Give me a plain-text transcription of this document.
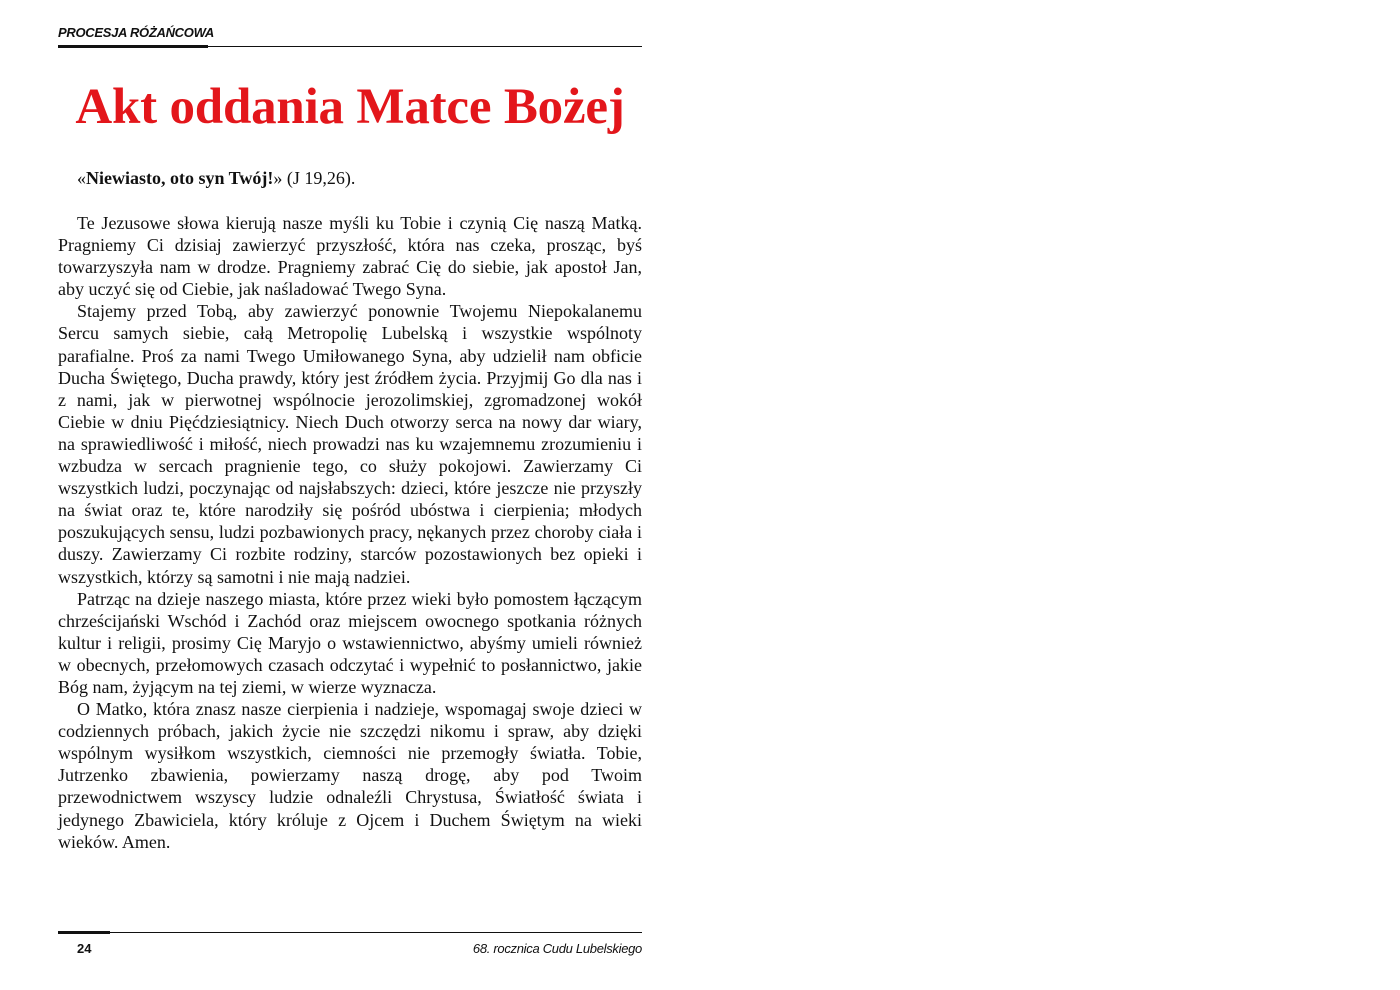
PROCESJA RÓŻAŃCOWA
Akt oddania Matce Bożej
«Niewiasto, oto syn Twój!» (J 19,26).

Te Jezusowe słowa kierują nasze myśli ku Tobie i czynią Cię naszą Matką. Pragniemy Ci dzisiaj zawierzyć przyszłość, która nas czeka, prosząc, byś towarzyszyła nam w drodze. Pragniemy zabrać Cię do siebie, jak apostoł Jan, aby uczyć się od Ciebie, jak naśladować Twego Syna.

Stajemy przed Tobą, aby zawierzyć ponownie Twojemu Niepokalanemu Sercu samych siebie, całą Metropolię Lubelską i wszystkie wspólnoty parafialne. Proś za nami Twego Umiłowanego Syna, aby udzielił nam obficie Ducha Świętego, Ducha prawdy, który jest źródłem życia. Przyjmij Go dla nas i z nami, jak w pierwotnej wspólnocie jerozolimskiej, zgromadzonej wokół Ciebie w dniu Pięćdziesiątnicy. Niech Duch otworzy serca na nowy dar wiary, na sprawiedliwość i miłość, niech prowadzi nas ku wzajemnemu zrozumieniu i wzbudza w sercach pragnienie tego, co służy pokojowi. Zawierzamy Ci wszystkich ludzi, poczynając od najsłabszych: dzieci, które jeszcze nie przyszły na świat oraz te, które narodziły się pośród ubóstwa i cierpienia; młodych poszukujących sensu, ludzi pozbawionych pracy, nękanych przez choroby ciała i duszy. Zawierzamy Ci rozbite rodziny, starców pozostawionych bez opieki i wszystkich, którzy są samotni i nie mają nadziei.

Patrząc na dzieje naszego miasta, które przez wieki było pomostem łączącym chrześcijański Wschód i Zachód oraz miejscem owocnego spotkania różnych kultur i religii, prosimy Cię Maryjo o wstawiennictwo, abyśmy umieli również w obecnych, przełomowych czasach odczytać i wypełnić to posłannictwo, jakie Bóg nam, żyjącym na tej ziemi, w wierze wyznacza.

O Matko, która znasz nasze cierpienia i nadzieje, wspomagaj swoje dzieci w codziennych próbach, jakich życie nie szczędzi nikomu i spraw, aby dzięki wspólnym wysiłkom wszystkich, ciemności nie przemogły światła. Tobie, Jutrzenko zbawienia, powierzamy naszą drogę, aby pod Twoim przewodnictwem wszyscy ludzie odnaleźli Chrystusa, Światłość świata i jedynego Zbawiciela, który króluje z Ojcem i Duchem Świętym na wieki wieków. Amen.

24	68. rocznica Cudu Lubelskiego
